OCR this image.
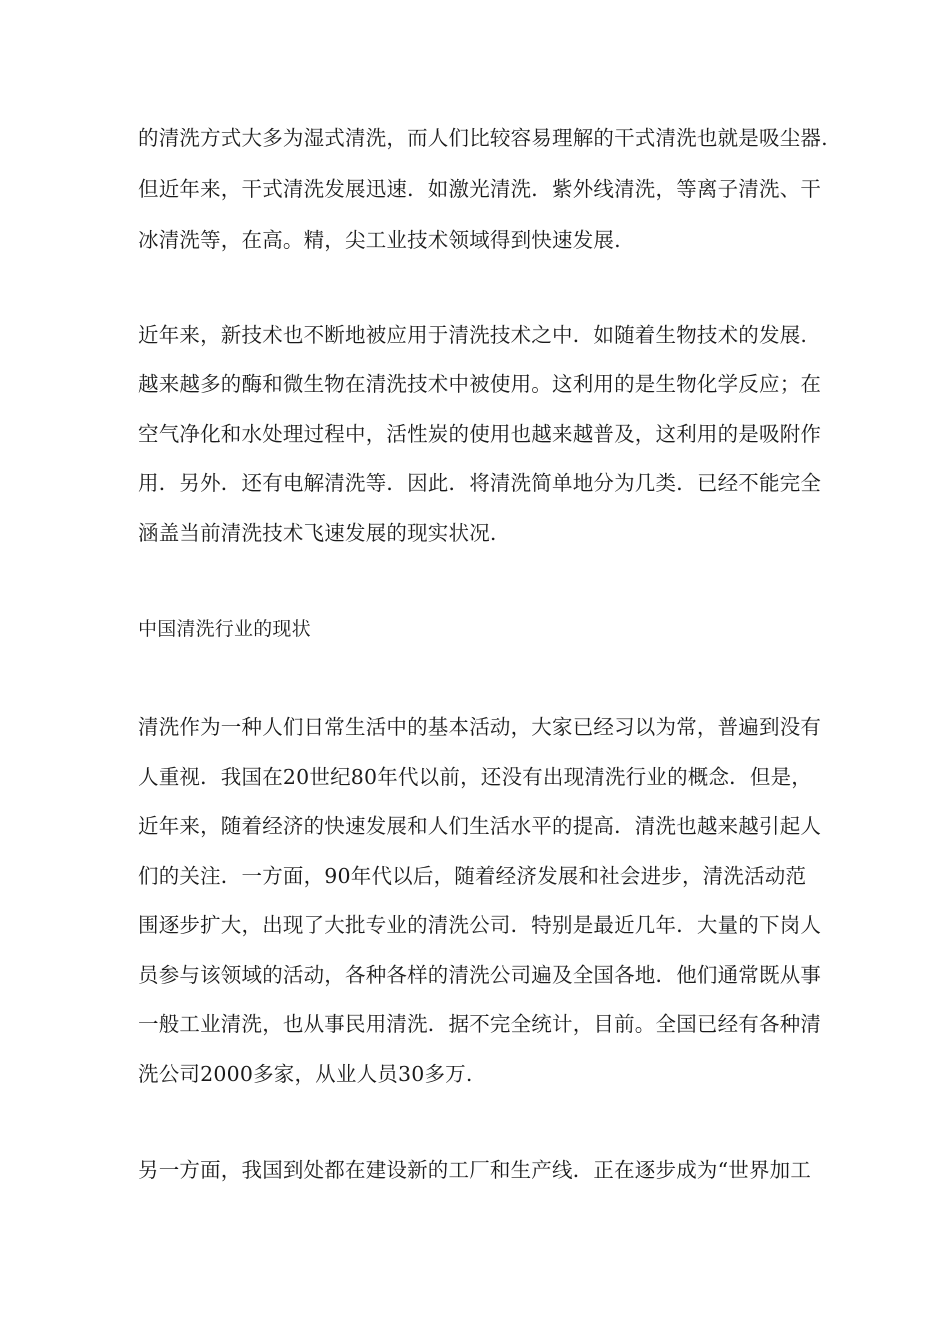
的清洗方式大多为湿式清洗，而人们比较容易理解的干式清洗也就是吸尘器.
但近年来，干式清洗发展迅速．如激光清洗．紫外线清洗，等离子清洗、干
冰清洗等，在高。精，尖工业技术领域得到快速发展.
近年来，新技术也不断地被应用于清洗技术之中．如随着生物技术的发展.
越来越多的酶和微生物在清洗技术中被使用。这利用的是生物化学反应；在
空气净化和水处理过程中，活性炭的使用也越来越普及，这利用的是吸附作
用．另外．还有电解清洗等．因此．将清洗简单地分为几类．已经不能完全
涵盖当前清洗技术飞速发展的现实状况.
中国清洗行业的现状
清洗作为一种人们日常生活中的基本活动，大家已经习以为常，普遍到没有
人重视．我国在20世纪80年代以前，还没有出现清洗行业的概念．但是，
近年来，随着经济的快速发展和人们生活水平的提高．清洗也越来越引起人
们的关注．一方面，90年代以后，随着经济发展和社会进步，清洗活动范
围逐步扩大，出现了大批专业的清洗公司．特别是最近几年．大量的下岗人
员参与该领域的活动，各种各样的清洗公司遍及全国各地．他们通常既从事
一般工业清洗，也从事民用清洗．据不完全统计，目前。全国已经有各种清
洗公司2000多家，从业人员30多万.
另一方面，我国到处都在建设新的工厂和生产线．正在逐步成为“世界加工
